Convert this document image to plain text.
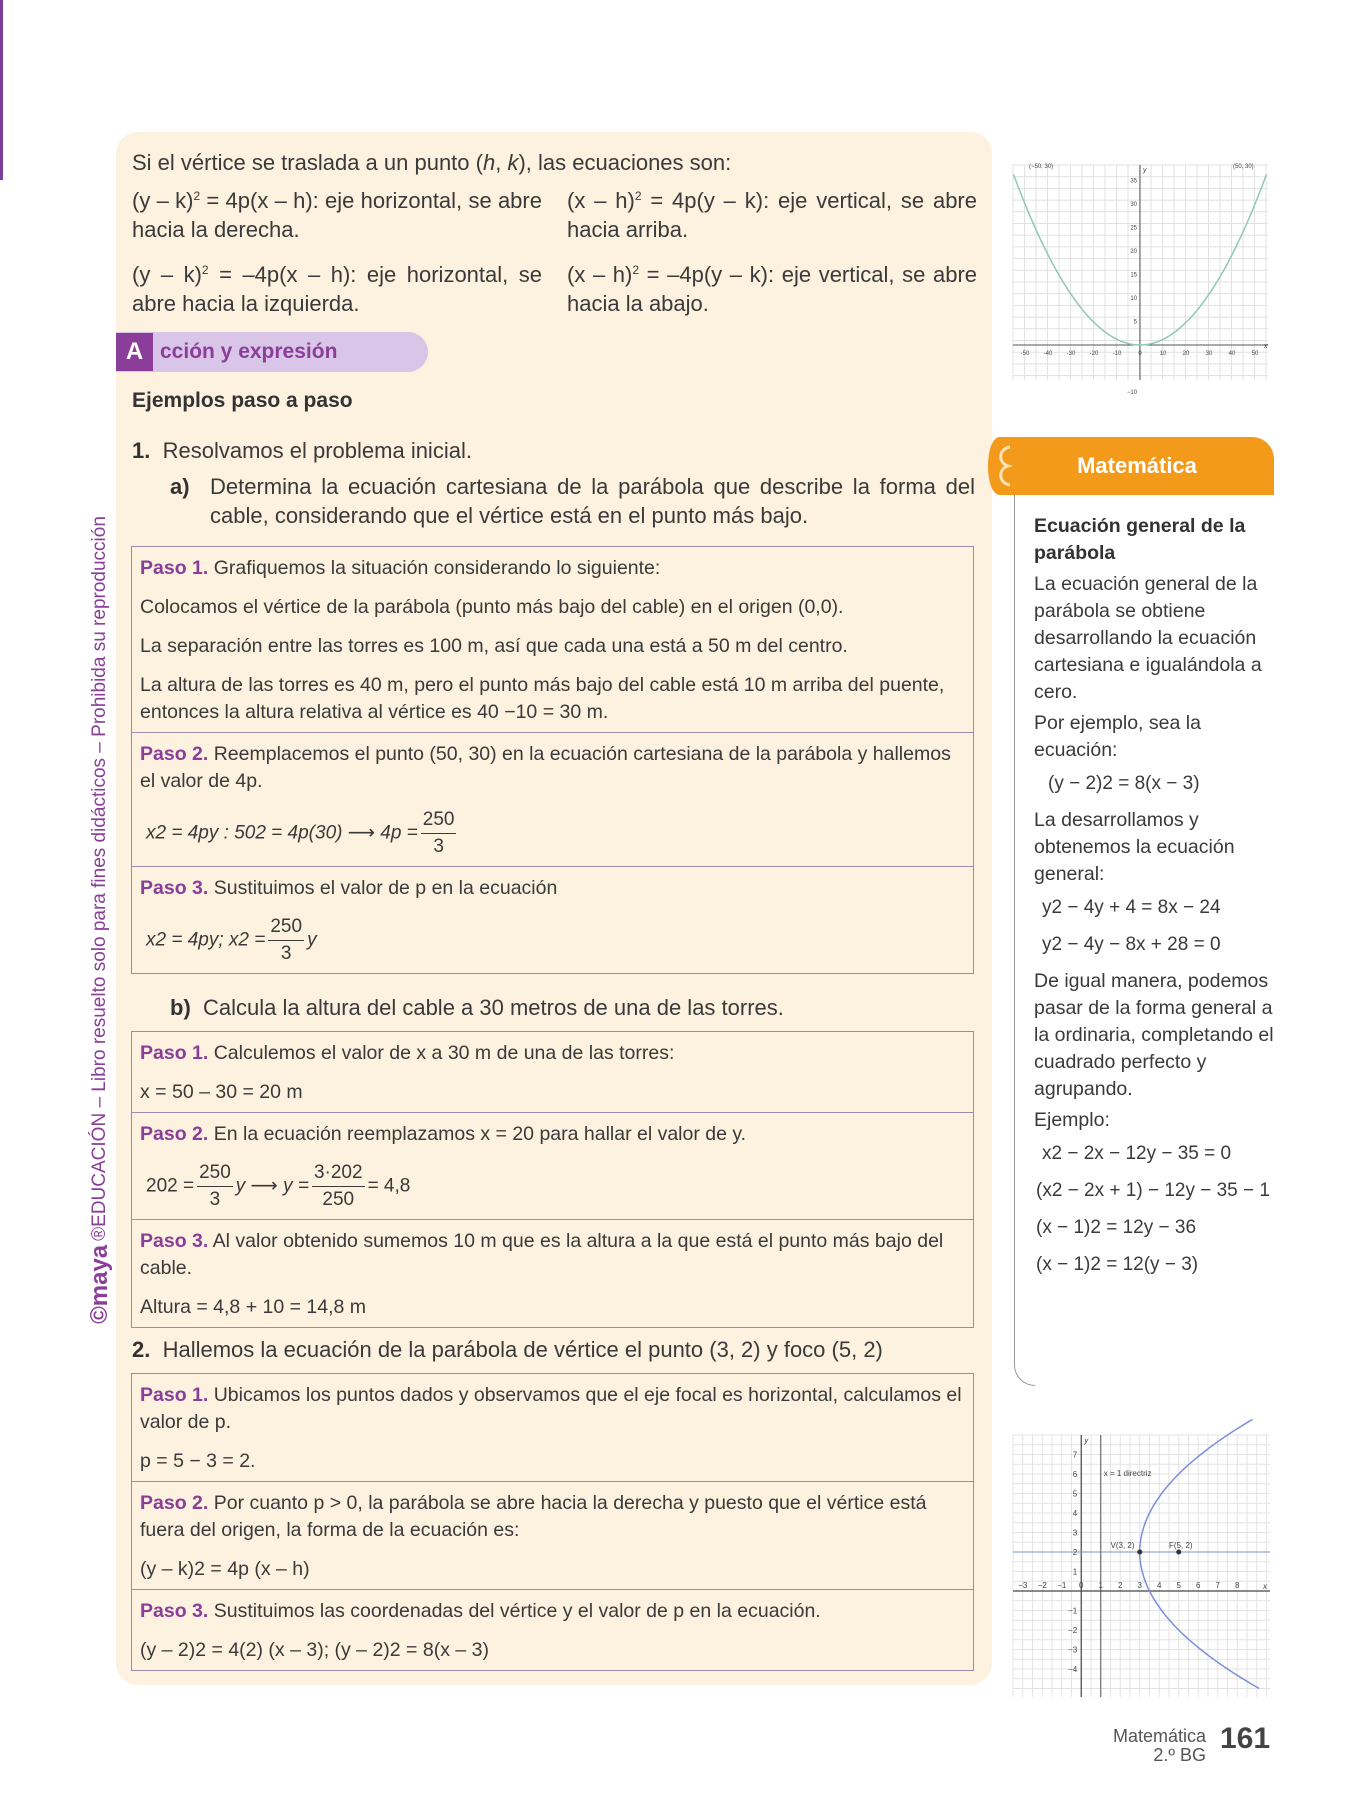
©maya
®EDUCACIÓN – Libro resuelto solo para fines didácticos – Prohibida su reproducción
Si el vértice se traslada a un punto (h, k), las ecuaciones son:
(y – k)$^2$ = 4p(x – h): eje horizontal, se abre hacia la derecha.
(x – h)$^2$ = 4p(y – k): eje vertical, se abre hacia arriba.
(y – k)$^2$ = –4p(x – h): eje horizontal, se abre hacia la izquierda.
(x – h)$^2$ = –4p(y – k): eje vertical, se abre hacia la abajo.
A cción y expresión
Ejemplos paso a paso
1. Resolvamos el problema inicial.
a) Determina la ecuación cartesiana de la parábola que describe la forma del cable, considerando que el vértice está en el punto más bajo.

Paso 1. Grafiquemos la situación considerando lo siguiente:

Colocamos el vértice de la parábola (punto más bajo del cable) en el origen (0,0).

La separación entre las torres es 100 m, así que cada una está a 50 m del centro.

La altura de las torres es 40 m, pero el punto más bajo del cable está 10 m arriba del puente, entonces la altura relativa al vértice es 40 −10 = 30 m.

Paso 2. Reemplacemos el punto (50, 30) en la ecuación cartesiana de la parábola y hallemos el valor de 4p.

x2 = 4py : 502 = 4p(30) ⟶ $4p = \frac{250}{3}$

Paso 3. Sustituimos el valor de p en la ecuación

x2 = 4py; $x2 = \frac{250}{3}$ y
b) Calcula la altura del cable a 30 metros de una de las torres.

Paso 1. Calculemos el valor de x a 30 m de una de las torres:

x = 50 – 30 = 20 m

Paso 2. En la ecuación reemplazamos x = 20 para hallar el valor de y.

$202 = \frac{250}{3}$ y ⟶ $y = \frac{3\cdot 202}{250} = 4,8$

Paso 3. Al valor obtenido sumemos 10 m que es la altura a la que está el punto más bajo del cable.

Altura = 4,8 + 10 = 14,8 m

2. Hallemos la ecuación de la parábola de vértice el punto (3, 2) y foco (5, 2)

Paso 1. Ubicamos los puntos dados y observamos que el eje focal es horizontal, calculamos el valor de p.

p = 5 − 3 = 2.

Paso 2. Por cuanto p > 0, la parábola se abre hacia la derecha y puesto que el vértice está fuera del origen, la forma de la ecuación es:

(y – k)2 = 4p (x – h)

Paso 3. Sustituimos las coordenadas del vértice y el valor de p en la ecuación.

(y – 2)2 = 4(2) (x – 3); (y – 2)2 = 8(x – 3)

-50 -40 -30 -20 -10	0	10	20	30	40	50
35
30
25
20
15
10
5
−10
(−50, 30)	(50, 30)
x
y
Matemática

Ecuación general de la parábola

La ecuación general de la parábola se obtiene desarrollando la ecuación cartesiana e igualándola a cero.

Por ejemplo, sea la ecuación:

(y − 2)2 = 8(x − 3)

La desarrollamos y obtenemos la ecuación general:

y2 − 4y + 4 = 8x − 24

y2 − 4y − 8x + 28 = 0

De igual manera, podemos pasar de la forma general a la ordinaria, completando el cuadrado perfecto y agrupando.

Ejemplo:

x2 − 2x − 12y − 35 = 0

(x2 − 2x + 1) − 12y − 35 − 1

(x − 1)2 = 12y − 36

(x − 1)2 = 12(y − 3)

−3 −2 −1 0 1 2 3 4 5 6 7 8
7
6
5
4
3
2
1
−1
−2
−3
−4
x = 1 directriz
V(3, 2)	F(5, 2)
x
y
Matemática
2.º BG 161
